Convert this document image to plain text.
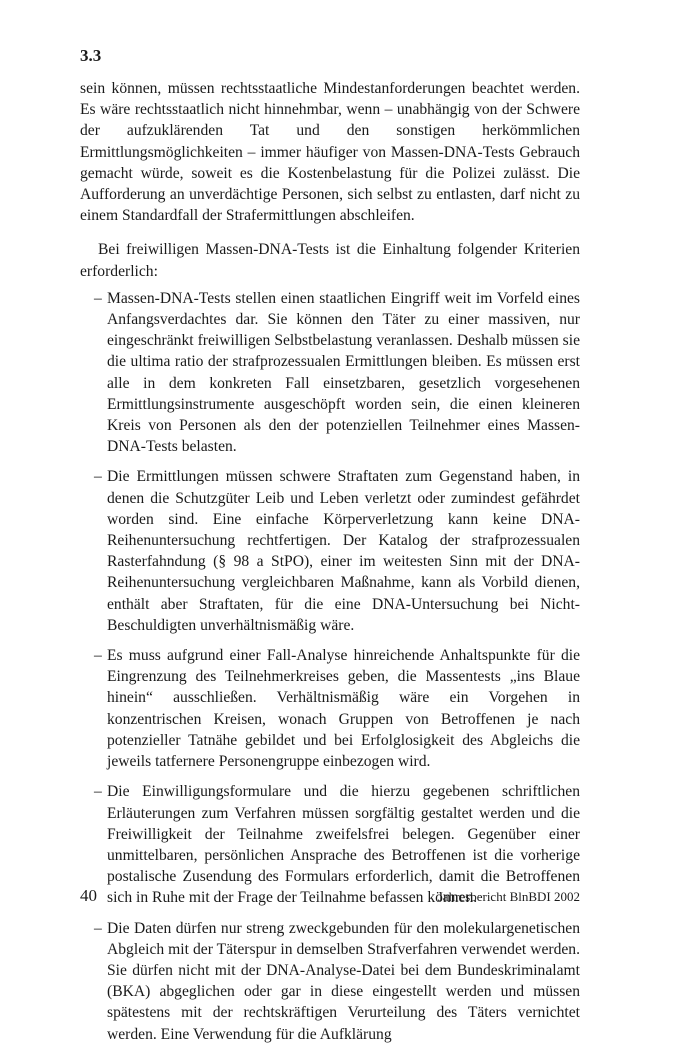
3.3

sein können, müssen rechtsstaatliche Mindestanforderungen beachtet werden. Es wäre rechtsstaatlich nicht hinnehmbar, wenn – unabhängig von der Schwere der aufzuklärenden Tat und den sonstigen herkömmlichen Ermittlungsmöglichkeiten – immer häufiger von Massen-DNA-Tests Gebrauch gemacht würde, soweit es die Kostenbelastung für die Polizei zulässt. Die Aufforderung an unverdächtige Personen, sich selbst zu entlasten, darf nicht zu einem Standardfall der Strafermittlungen abschleifen.

Bei freiwilligen Massen-DNA-Tests ist die Einhaltung folgender Kriterien erforderlich:

– Massen-DNA-Tests stellen einen staatlichen Eingriff weit im Vorfeld eines Anfangsverdachtes dar. Sie können den Täter zu einer massiven, nur eingeschränkt freiwilligen Selbstbelastung veranlassen. Deshalb müssen sie die ultima ratio der strafprozessualen Ermittlungen bleiben. Es müssen erst alle in dem konkreten Fall einsetzbaren, gesetzlich vorgesehenen Ermittlungsinstrumente ausgeschöpft worden sein, die einen kleineren Kreis von Personen als den der potenziellen Teilnehmer eines Massen-DNA-Tests belasten.
– Die Ermittlungen müssen schwere Straftaten zum Gegenstand haben, in denen die Schutzgüter Leib und Leben verletzt oder zumindest gefährdet worden sind. Eine einfache Körperverletzung kann keine DNA-Reihenuntersuchung rechtfertigen. Der Katalog der strafprozessualen Rasterfahndung (§ 98 a StPO), einer im weitesten Sinn mit der DNA-Reihenuntersuchung vergleichbaren Maßnahme, kann als Vorbild dienen, enthält aber Straftaten, für die eine DNA-Untersuchung bei Nicht-Beschuldigten unverhältnismäßig wäre.
– Es muss aufgrund einer Fall-Analyse hinreichende Anhaltspunkte für die Eingrenzung des Teilnehmerkreises geben, die Massentests „ins Blaue hinein“ ausschließen. Verhältnismäßig wäre ein Vorgehen in konzentrischen Kreisen, wonach Gruppen von Betroffenen je nach potenzieller Tatnähe gebildet und bei Erfolglosigkeit des Abgleichs die jeweils tatfernere Personengruppe einbezogen wird.
– Die Einwilligungsformulare und die hierzu gegebenen schriftlichen Erläuterungen zum Verfahren müssen sorgfältig gestaltet werden und die Freiwilligkeit der Teilnahme zweifelsfrei belegen. Gegenüber einer unmittelbaren, persönlichen Ansprache des Betroffenen ist die vorherige postalische Zusendung des Formulars erforderlich, damit die Betroffenen sich in Ruhe mit der Frage der Teilnahme befassen können.
– Die Daten dürfen nur streng zweckgebunden für den molekulargenetischen Abgleich mit der Täterspur in demselben Strafverfahren verwendet werden. Sie dürfen nicht mit der DNA-Analyse-Datei bei dem Bundeskriminalamt (BKA) abgeglichen oder gar in diese eingestellt werden und müssen spätestens mit der rechtskräftigen Verurteilung des Täters vernichtet werden. Eine Verwendung für die Aufklärung
40	Jahresbericht BlnBDI 2002
